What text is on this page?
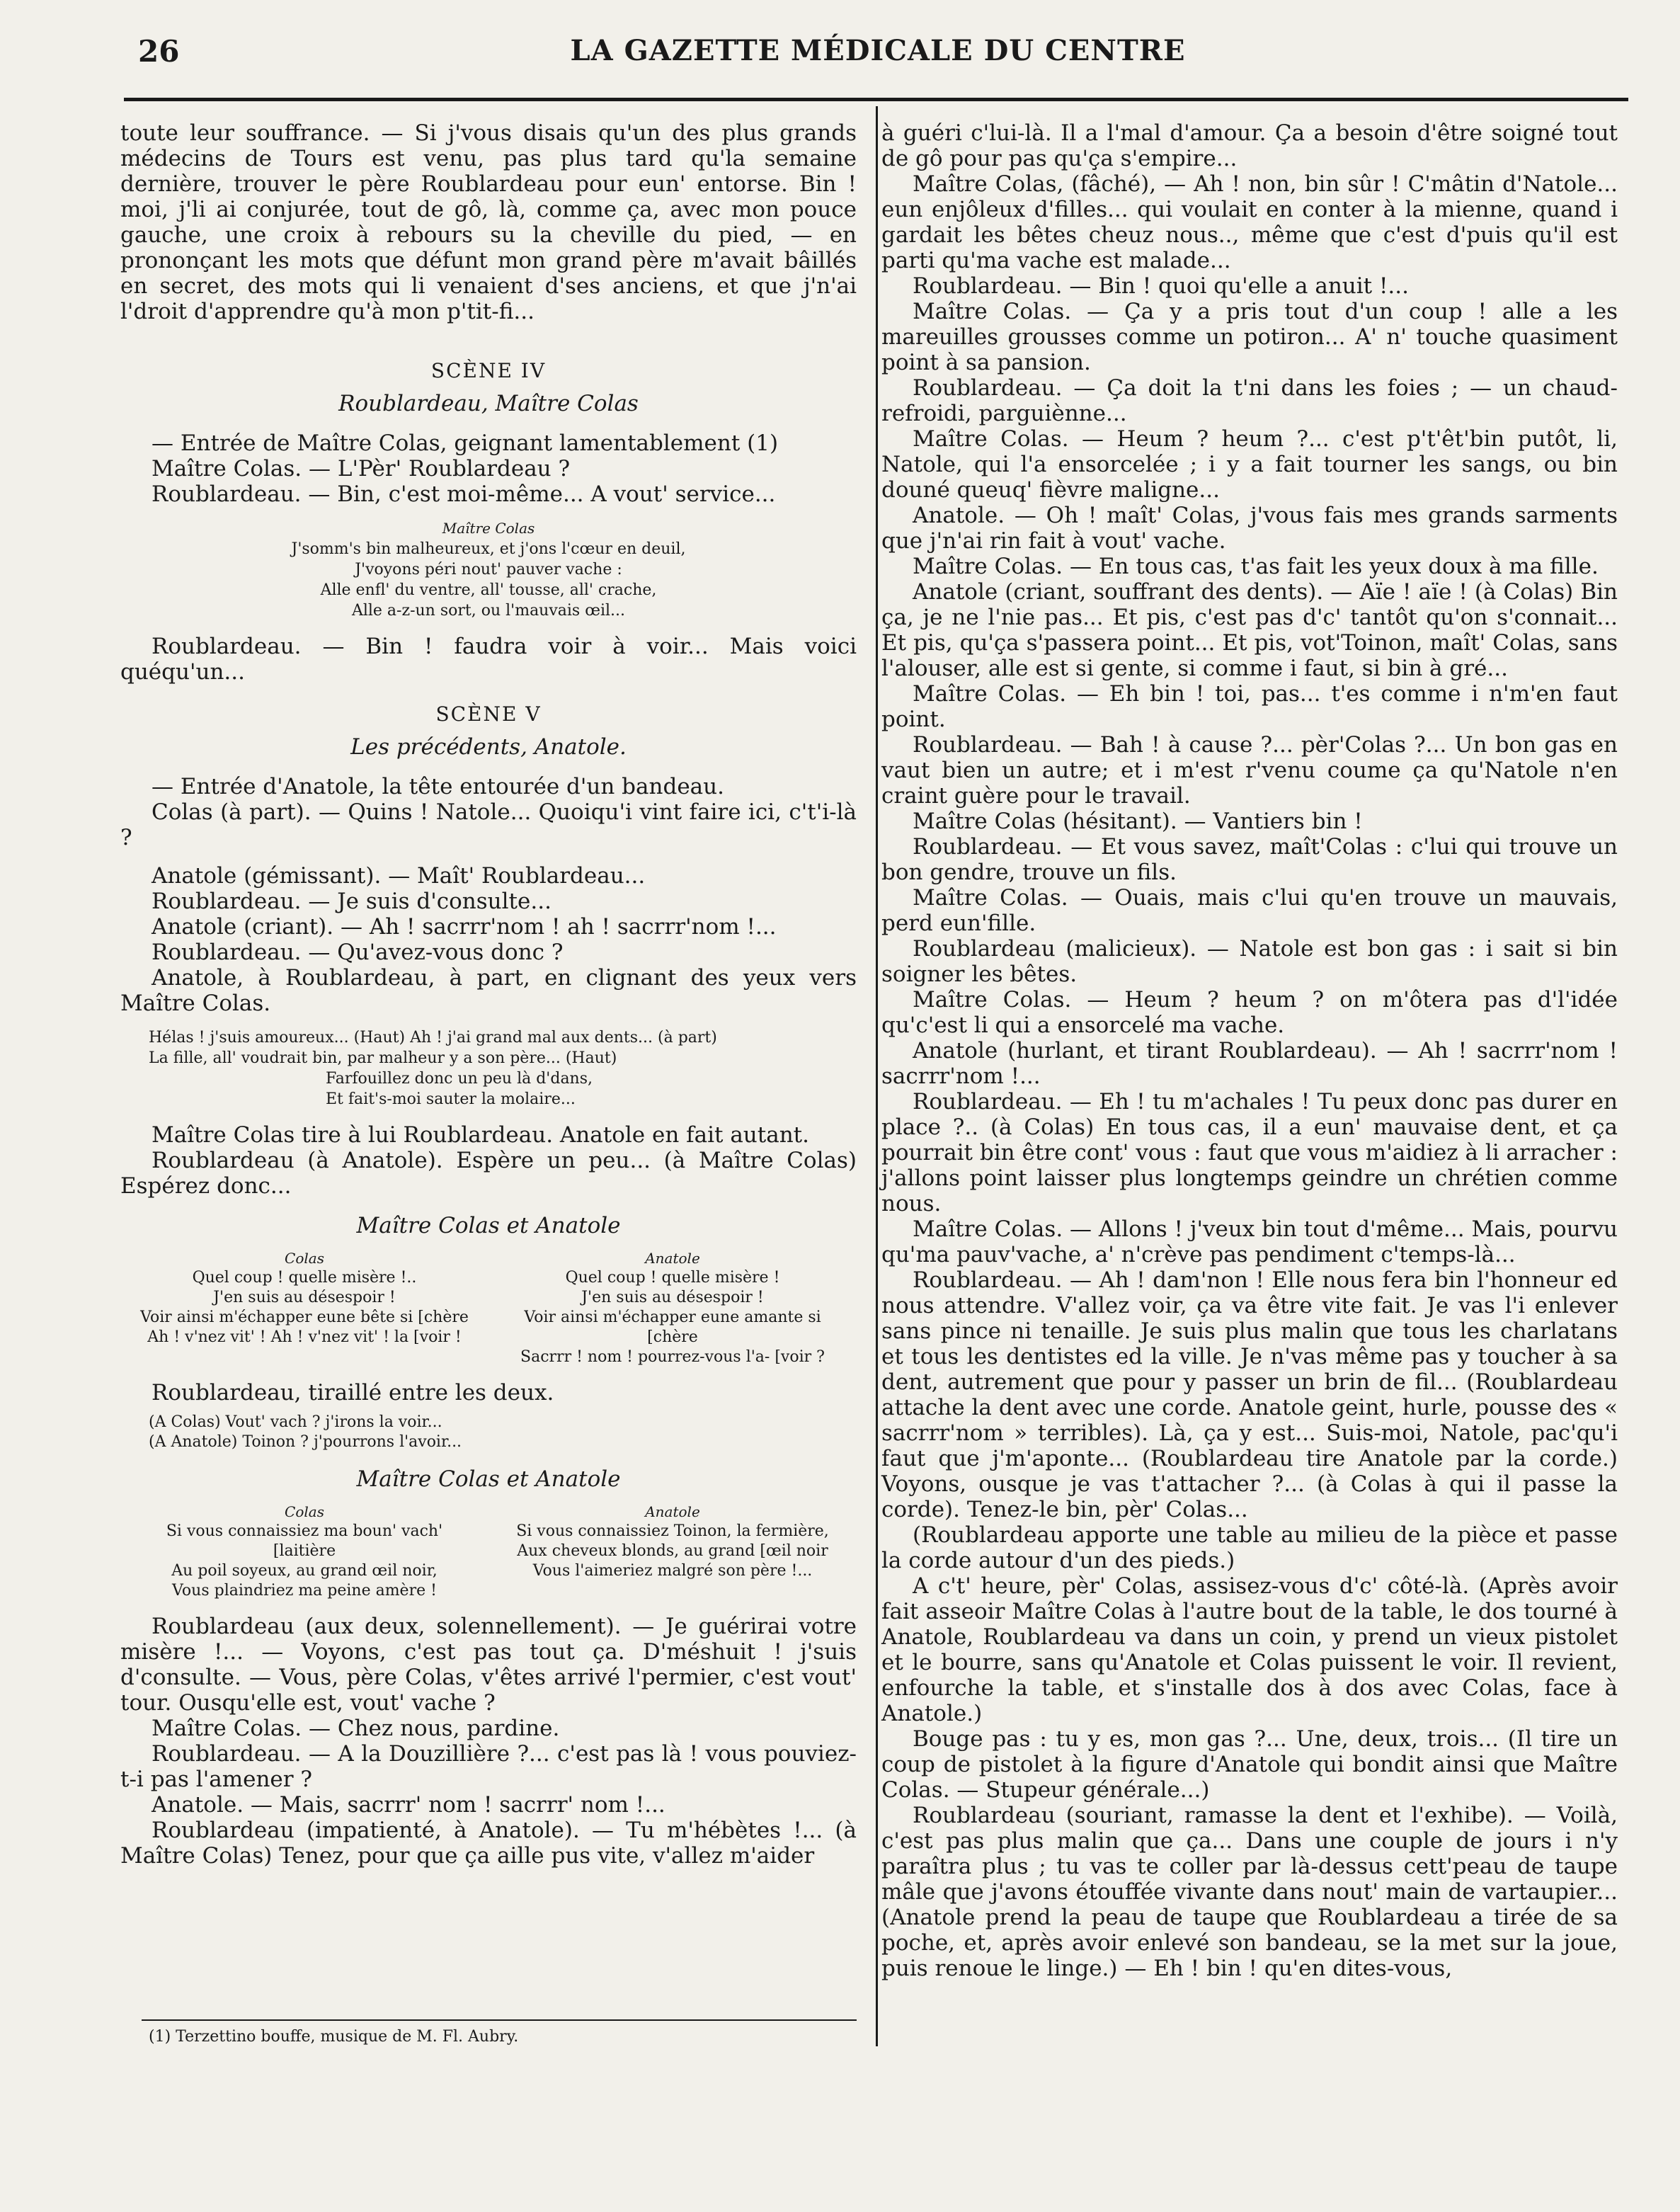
26	LA GAZETTE MÉDICALE DU CENTRE

toute leur souffrance. — Si j'vous disais qu'un des plus grands médecins de Tours est venu, pas plus tard qu'la semaine dernière, trouver le père Roublardeau pour eun' entorse. Bin ! moi, j'li ai conjurée, tout de gô, là, comme ça, avec mon pouce gauche, une croix à rebours su la cheville du pied, — en prononçant les mots que défunt mon grand père m'avait bâillés en secret, des mots qui li venaient d'ses anciens, et que j'n'ai l'droit d'apprendre qu'à mon p'tit-fi...

SCÈNE IV

Roublardeau, Maître Colas

— Entrée de Maître Colas, geignant lamentablement (1)

Maître Colas. — L'Pèr' Roublardeau ?

Roublardeau. — Bin, c'est moi-même... A vout' service...

Maître Colas
J'somm's bin malheureux, et j'ons l'cœur en deuil,
J'voyons péri nout' pauver vache :
Alle enfl' du ventre, all' tousse, all' crache,
Alle a-z-un sort, ou l'mauvais œil...

Roublardeau. — Bin ! faudra voir à voir... Mais voici quéqu'un...

SCÈNE V

Les précédents, Anatole.

— Entrée d'Anatole, la tête entourée d'un bandeau.

Colas (à part). — Quins ! Natole... Quoiqu'i vint faire ici, c't'i-là ?

Anatole (gémissant). — Maît' Roublardeau...

Roublardeau. — Je suis d'consulte...

Anatole (criant). — Ah ! sacrrr'nom ! ah ! sacrrr'nom !...

Roublardeau. — Qu'avez-vous donc ?

Anatole, à Roublardeau, à part, en clignant des yeux vers Maître Colas.

Hélas ! j'suis amoureux... (Haut) Ah ! j'ai grand mal aux dents... (à part)
La fille, all' voudrait bin, par malheur y a son père... (Haut)
Farfouillez donc un peu là d'dans,
Et fait's-moi sauter la molaire...

Maître Colas tire à lui Roublardeau. Anatole en fait autant.

Roublardeau (à Anatole). Espère un peu... (à Maître Colas) Espérez donc...

Maître Colas et Anatole

Colas
Quel coup ! quelle misère !..
J'en suis au désespoir !
Voir ainsi m'échapper eune bête si [chère
Ah ! v'nez vit' ! Ah ! v'nez vit' ! la [voir !
Anatole
Quel coup ! quelle misère !
J'en suis au désespoir !
Voir ainsi m'échapper eune amante si [chère
Sacrrr ! nom ! pourrez-vous l'a- [voir ?

Roublardeau, tiraillé entre les deux.

(A Colas) Vout' vach ? j'irons la voir...

(A Anatole) Toinon ? j'pourrons l'avoir...

Maître Colas et Anatole

Colas
Si vous connaissiez ma boun' vach' [laitière
Au poil soyeux, au grand œil noir,
Vous plaindriez ma peine amère !
Anatole
Si vous connaissiez Toinon, la fermière,
Aux cheveux blonds, au grand [œil noir
Vous l'aimeriez malgré son père !...

Roublardeau (aux deux, solennellement). — Je guérirai votre misère !... — Voyons, c'est pas tout ça. D'méshuit ! j'suis d'consulte. — Vous, père Colas, v'êtes arrivé l'permier, c'est vout' tour. Ousqu'elle est, vout' vache ?

Maître Colas. — Chez nous, pardine.

Roublardeau. — A la Douzillière ?... c'est pas là ! vous pouviez-t-i pas l'amener ?

Anatole. — Mais, sacrrr' nom ! sacrrr' nom !...

Roublardeau (impatienté, à Anatole). — Tu m'hébètes !... (à Maître Colas) Tenez, pour que ça aille pus vite, v'allez m'aider

à guéri c'lui-là. Il a l'mal d'amour. Ça a besoin d'être soigné tout de gô pour pas qu'ça s'empire...

Maître Colas, (fâché), — Ah ! non, bin sûr ! C'mâtin d'Natole... eun enjôleux d'filles... qui voulait en conter à la mienne, quand i gardait les bêtes cheuz nous.., même que c'est d'puis qu'il est parti qu'ma vache est malade...

Roublardeau. — Bin ! quoi qu'elle a anuit !...

Maître Colas. — Ça y a pris tout d'un coup ! alle a les mareuilles grousses comme un potiron... A' n' touche quasiment point à sa pansion.

Roublardeau. — Ça doit la t'ni dans les foies ; — un chaud-refroidi, parguiènne...

Maître Colas. — Heum ? heum ?... c'est p't'êt'bin putôt, li, Natole, qui l'a ensorcelée ; i y a fait tourner les sangs, ou bin douné queuq' fièvre maligne...

Anatole. — Oh ! maît' Colas, j'vous fais mes grands sarments que j'n'ai rin fait à vout' vache.

Maître Colas. — En tous cas, t'as fait les yeux doux à ma fille.

Anatole (criant, souffrant des dents). — Aïe ! aïe ! (à Colas) Bin ça, je ne l'nie pas... Et pis, c'est pas d'c' tantôt qu'on s'connait... Et pis, qu'ça s'passera point... Et pis, vot'Toinon, maît' Colas, sans l'alouser, alle est si gente, si comme i faut, si bin à gré...

Maître Colas. — Eh bin ! toi, pas... t'es comme i n'm'en faut point.

Roublardeau. — Bah ! à cause ?... pèr'Colas ?... Un bon gas en vaut bien un autre; et i m'est r'venu coume ça qu'Natole n'en craint guère pour le travail.

Maître Colas (hésitant). — Vantiers bin !

Roublardeau. — Et vous savez, maît'Colas : c'lui qui trouve un bon gendre, trouve un fils.

Maître Colas. — Ouais, mais c'lui qu'en trouve un mauvais, perd eun'fille.

Roublardeau (malicieux). — Natole est bon gas : i sait si bin soigner les bêtes.

Maître Colas. — Heum ? heum ? on m'ôtera pas d'l'idée qu'c'est li qui a ensorcelé ma vache.

Anatole (hurlant, et tirant Roublardeau). — Ah ! sacrrr'nom ! sacrrr'nom !...

Roublardeau. — Eh ! tu m'achales ! Tu peux donc pas durer en place ?.. (à Colas) En tous cas, il a eun' mauvaise dent, et ça pourrait bin être cont' vous : faut que vous m'aidiez à li arracher : j'allons point laisser plus longtemps geindre un chrétien comme nous.

Maître Colas. — Allons ! j'veux bin tout d'même... Mais, pourvu qu'ma pauv'vache, a' n'crève pas pendiment c'temps-là...

Roublardeau. — Ah ! dam'non ! Elle nous fera bin l'honneur ed nous attendre. V'allez voir, ça va être vite fait. Je vas l'i enlever sans pince ni tenaille. Je suis plus malin que tous les charlatans et tous les dentistes ed la ville. Je n'vas même pas y toucher à sa dent, autrement que pour y passer un brin de fil... (Roublardeau attache la dent avec une corde. Anatole geint, hurle, pousse des « sacrrr'nom » terribles). Là, ça y est... Suis-moi, Natole, pac'qu'i faut que j'm'aponte... (Roublardeau tire Anatole par la corde.) Voyons, ousque je vas t'attacher ?... (à Colas à qui il passe la corde). Tenez-le bin, pèr' Colas...

(Roublardeau apporte une table au milieu de la pièce et passe la corde autour d'un des pieds.)

A c't' heure, pèr' Colas, assisez-vous d'c' côté-là. (Après avoir fait asseoir Maître Colas à l'autre bout de la table, le dos tourné à Anatole, Roublardeau va dans un coin, y prend un vieux pistolet et le bourre, sans qu'Anatole et Colas puissent le voir. Il revient, enfourche la table, et s'installe dos à dos avec Colas, face à Anatole.)

Bouge pas : tu y es, mon gas ?... Une, deux, trois... (Il tire un coup de pistolet à la figure d'Anatole qui bondit ainsi que Maître Colas. — Stupeur générale...)

Roublardeau (souriant, ramasse la dent et l'exhibe). — Voilà, c'est pas plus malin que ça... Dans une couple de jours i n'y paraîtra plus ; tu vas te coller par là-dessus cett'peau de taupe mâle que j'avons étouffée vivante dans nout' main de vartaupier... (Anatole prend la peau de taupe que Roublardeau a tirée de sa poche, et, après avoir enlevé son bandeau, se la met sur la joue, puis renoue le linge.) — Eh ! bin ! qu'en dites-vous,

(1) Terzettino bouffe, musique de M. Fl. Aubry.
